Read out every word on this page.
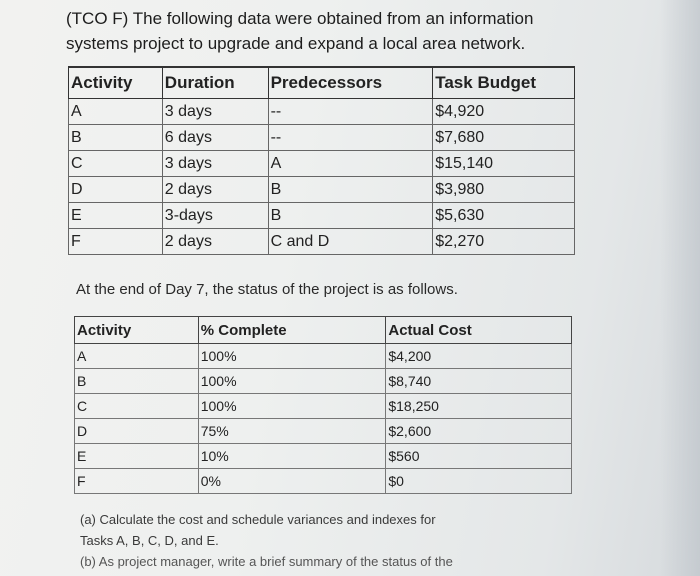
(TCO F) The following data were obtained from an information
systems project to upgrade and expand a local area network.
Activity	Duration	Predecessors	Task Budget
A	3 days	--	$4,920
B	6 days	--	$7,680
C	3 days	A	$15,140
D	2 days	B	$3,980
E	3-days	B	$5,630
F	2 days	C and D	$2,270
At the end of Day 7, the status of the project is as follows.
Activity	% Complete	Actual Cost
A	100%	$4,200
B	100%	$8,740
C	100%	$18,250
D	75%	$2,600
E	10%	$560
F	0%	$0
(a) Calculate the cost and schedule variances and indexes for
Tasks A, B, C, D, and E.
(b) As project manager, write a brief summary of the status of the
